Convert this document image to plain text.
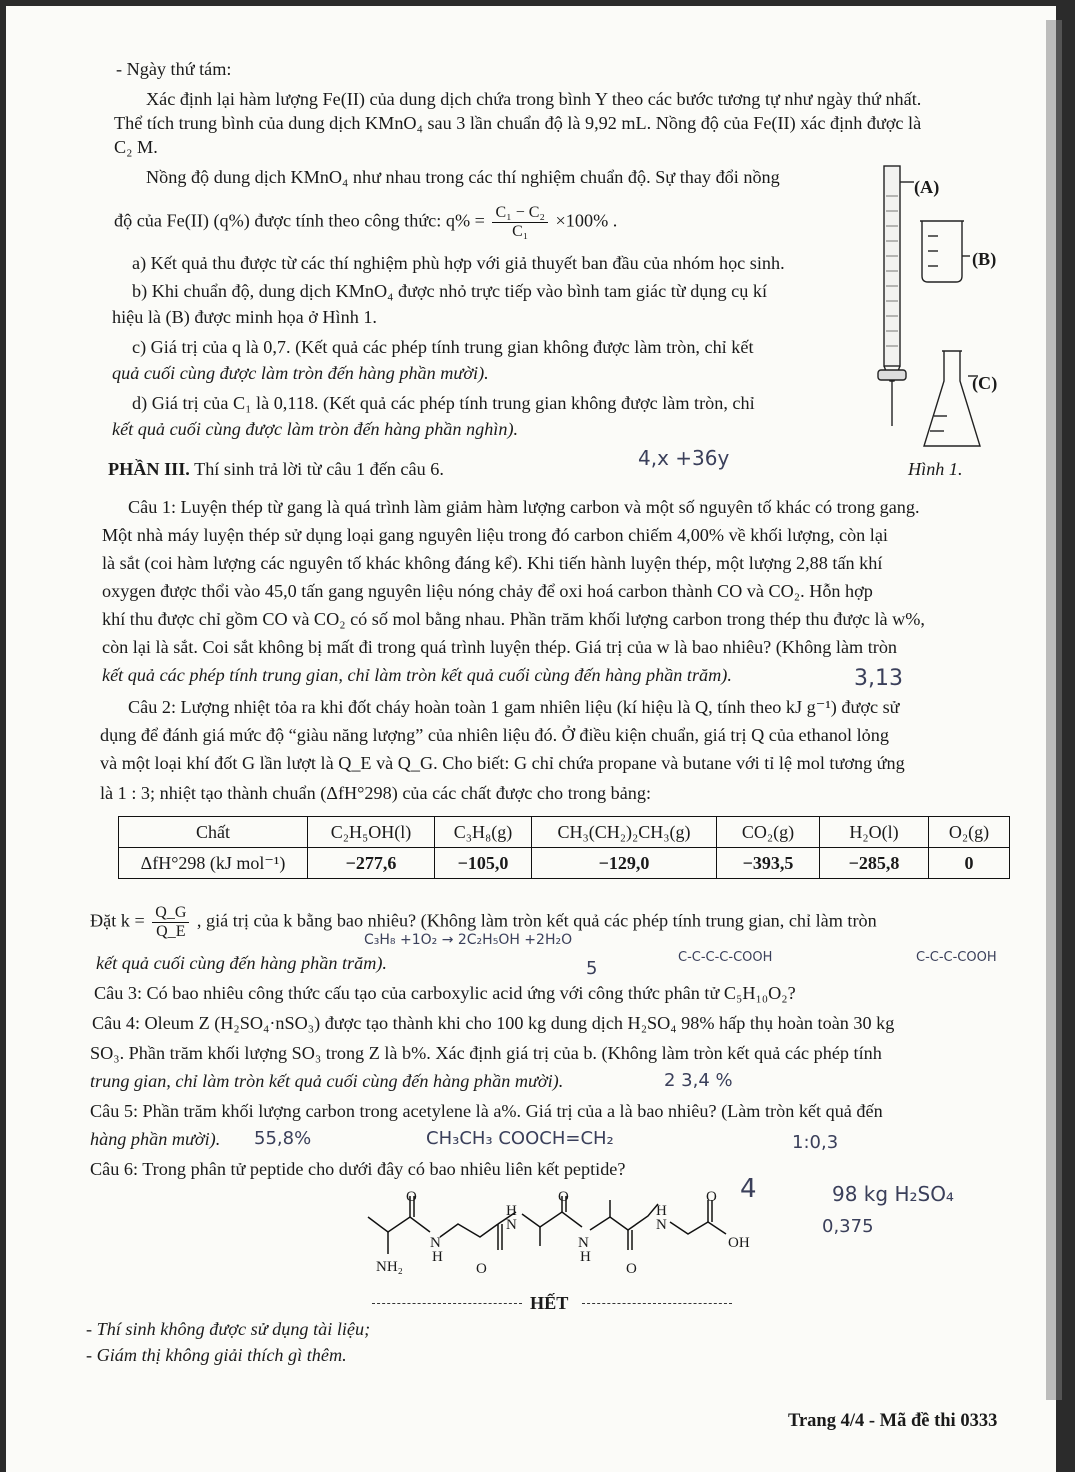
- Ngày thứ tám:
Xác định lại hàm lượng Fe(II) của dung dịch chứa trong bình Y theo các bước tương tự như ngày thứ nhất.
Thể tích trung bình của dung dịch KMnO₄ sau 3 lần chuẩn độ là 9,92 mL. Nồng độ của Fe(II) xác định được là
C₂ M.
Nồng độ dung dịch KMnO₄ như nhau trong các thí nghiệm chuẩn độ. Sự thay đổi nồng
độ của Fe(II) (q%) được tính theo công thức: $q\% = \frac{\text{C₁ − C₂}}{\text{C₁}} \times 100\%$ .
a) Kết quả thu được từ các thí nghiệm phù hợp với giả thuyết ban đầu của nhóm học sinh.
b) Khi chuẩn độ, dung dịch KMnO₄ được nhỏ trực tiếp vào bình tam giác từ dụng cụ kí
hiệu là (B) được minh họa ở Hình 1.
c) Giá trị của q là 0,7. (Kết quả các phép tính trung gian không được làm tròn, chỉ kết
quả cuối cùng được làm tròn đến hàng phần mười).
d) Giá trị của C₁ là 0,118. (Kết quả các phép tính trung gian không được làm tròn, chỉ
kết quả cuối cùng được làm tròn đến hàng phần nghìn).
(A)
(B)
(C)
Hình 1.
PHẦN III. Thí sinh trả lời từ câu 1 đến câu 6.
Câu 1: Luyện thép từ gang là quá trình làm giảm hàm lượng carbon và một số nguyên tố khác có trong gang.
Một nhà máy luyện thép sử dụng loại gang nguyên liệu trong đó carbon chiếm 4,00% về khối lượng, còn lại
là sắt (coi hàm lượng các nguyên tố khác không đáng kể). Khi tiến hành luyện thép, một lượng 2,88 tấn khí
oxygen được thổi vào 45,0 tấn gang nguyên liệu nóng chảy để oxi hoá carbon thành CO và CO₂. Hỗn hợp
khí thu được chỉ gồm CO và CO₂ có số mol bằng nhau. Phần trăm khối lượng carbon trong thép thu được là w%,
còn lại là sắt. Coi sắt không bị mất đi trong quá trình luyện thép. Giá trị của w là bao nhiêu? (Không làm tròn
kết quả các phép tính trung gian, chỉ làm tròn kết quả cuối cùng đến hàng phần trăm).
Câu 2: Lượng nhiệt tỏa ra khi đốt cháy hoàn toàn 1 gam nhiên liệu (kí hiệu là Q, tính theo kJ g⁻¹) được sử
dụng để đánh giá mức độ “giàu năng lượng” của nhiên liệu đó. Ở điều kiện chuẩn, giá trị Q của ethanol lỏng
và một loại khí đốt G lần lượt là Q_E và Q_G. Cho biết: G chỉ chứa propane và butane với tỉ lệ mol tương ứng
là 1 : 3; nhiệt tạo thành chuẩn (ΔfH°298) của các chất được cho trong bảng:
Chất	C₂H₅OH(l)	C₃H₈(g)	CH₃(CH₂)₂CH₃(g)	CO₂(g)	H₂O(l)	O₂(g)
ΔfH°298 (kJ mol⁻¹)	−277,6	−105,0	−129,0	−393,5	−285,8	0
Đặt $k = \frac{Q\_G}{Q\_E}$ , giá trị của k bằng bao nhiêu? (Không làm tròn kết quả các phép tính trung gian, chỉ làm tròn
kết quả cuối cùng đến hàng phần trăm).
Câu 3: Có bao nhiêu công thức cấu tạo của carboxylic acid ứng với công thức phân tử C₅H₁₀O₂?
Câu 4: Oleum Z (H₂SO₄·nSO₃) được tạo thành khi cho 100 kg dung dịch H₂SO₄ 98% hấp thụ hoàn toàn 30 kg
SO₃. Phần trăm khối lượng SO₃ trong Z là b%. Xác định giá trị của b. (Không làm tròn kết quả các phép tính
trung gian, chỉ làm tròn kết quả cuối cùng đến hàng phần mười).
Câu 5: Phần trăm khối lượng carbon trong acetylene là a%. Giá trị của a là bao nhiêu? (Làm tròn kết quả đến
hàng phần mười).
Câu 6: Trong phân tử peptide cho dưới đây có bao nhiêu liên kết peptide?
O
NH₂
N
H
O
H
N
O
N
H
O
H
N
O
OH
HẾT
- Thí sinh không được sử dụng tài liệu;
- Giám thị không giải thích gì thêm.
Trang 4/4 - Mã đề thi 0333
4,x +36y
3,13
C₃H₈ +1O₂ → 2C₂H₅OH +2H₂O
C-C-C-C-COOH	C-C-C-COOH
5
2 3,4 %
55,8%	CH₃CH₃ COOCH=CH₂	1:0,3
4	98 kg H₂SO₄
0,375
